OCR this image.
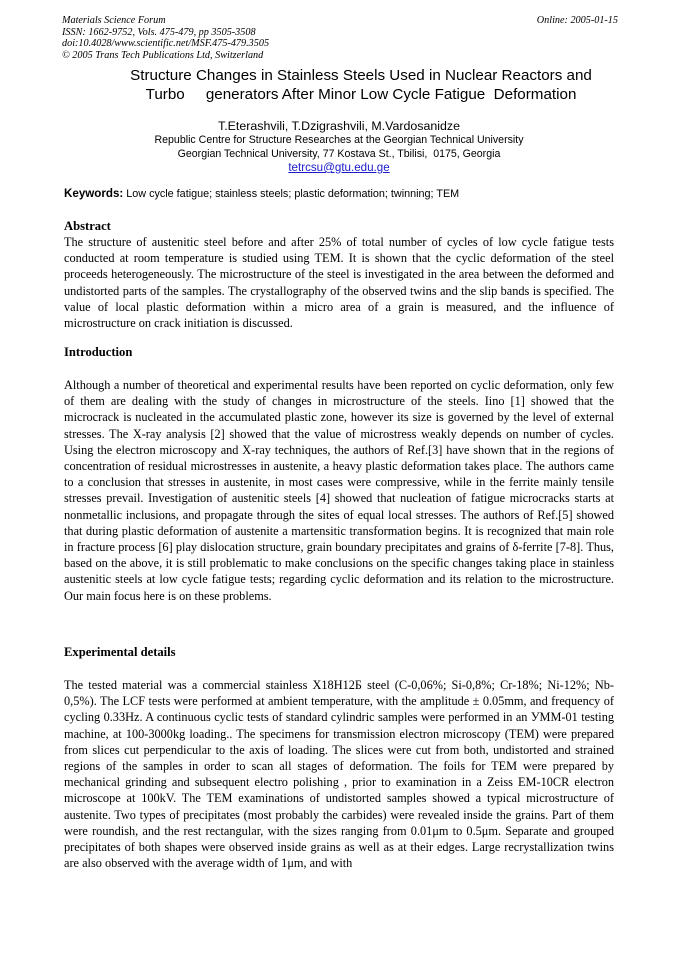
Materials Science Forum
ISSN: 1662-9752, Vols. 475-479, pp 3505-3508
doi:10.4028/www.scientific.net/MSF.475-479.3505
© 2005 Trans Tech Publications Ltd, Switzerland
Online: 2005-01-15
Structure Changes in Stainless Steels Used in Nuclear Reactors and
Turbo     generators After Minor Low Cycle Fatigue  Deformation
T.Eterashvili, T.Dzigrashvili, M.Vardosanidze
Republic Centre for Structure Researches at the Georgian Technical University
Georgian Technical University, 77 Kostava St., Tbilisi,  0175, Georgia
tetrcsu@gtu.edu.ge
Keywords: Low cycle fatigue; stainless steels; plastic deformation; twinning; TEM
Abstract
The structure of austenitic steel before and after 25% of total number of cycles of low cycle fatigue tests conducted at room temperature is studied using TEM. It is shown that the cyclic deformation of the steel proceeds heterogeneously. The microstructure of the steel is investigated in the area between the deformed and undistorted parts of the samples. The crystallography of the observed twins and the slip bands is specified. The value of local plastic deformation within a micro area of a grain is measured, and the influence of microstructure on crack initiation is discussed.
Introduction
Although a number of theoretical and experimental results have been reported on cyclic deformation, only few of them are dealing with the study of changes in microstructure of the steels. Iino [1] showed that the microcrack is nucleated in the accumulated plastic zone, however its size is governed by the level of external stresses. The X-ray analysis [2] showed that the value of microstress weakly depends on number of cycles. Using the electron microscopy and X-ray techniques, the authors of Ref.[3] have shown that in the regions of concentration of residual microstresses in austenite, a heavy plastic deformation takes place. The authors came to a conclusion that stresses in austenite, in most cases were compressive, while in the ferrite mainly tensile stresses prevail. Investigation of austenitic steels [4] showed that nucleation of fatigue microcracks starts at nonmetallic inclusions, and propagate through the sites of equal local stresses. The authors of Ref.[5] showed that during plastic deformation of austenite a martensitic transformation begins. It is recognized that main role in fracture process [6] play dislocation structure, grain boundary precipitates and grains of δ-ferrite [7-8]. Thus, based on the above, it is still problematic to make conclusions on the specific changes taking place in stainless austenitic steels at low cycle fatigue tests; regarding cyclic deformation and its relation to the microstructure. Our main focus here is on these problems.
Experimental details
The tested material was a commercial stainless X18H12Б steel (C-0,06%; Si-0,8%; Cr-18%; Ni-12%; Nb-0,5%). The LCF tests were performed at ambient temperature, with the amplitude ± 0.05mm, and frequency of cycling 0.33Hz. A continuous cyclic tests of standard cylindric samples were performed in an УММ-01 testing machine, at 100-3000kg loading.. The specimens for transmission electron microscopy (TEM) were prepared from slices cut perpendicular to the axis of loading. The slices were cut from both, undistorted and strained regions of the samples in order to scan all stages of deformation. The foils for TEM were prepared by mechanical grinding and subsequent electro polishing , prior to examination in a Zeiss EM-10CR electron microscope at 100kV. The TEM examinations of undistorted samples showed a typical microstructure of austenite. Two types of precipitates (most probably the carbides) were revealed inside the grains. Part of them were roundish, and the rest rectangular, with the sizes ranging from 0.01μm to 0.5μm. Separate and grouped precipitates of both shapes were observed inside grains as well as at their edges. Large recrystallization twins are also observed with the average width of 1μm, and with
